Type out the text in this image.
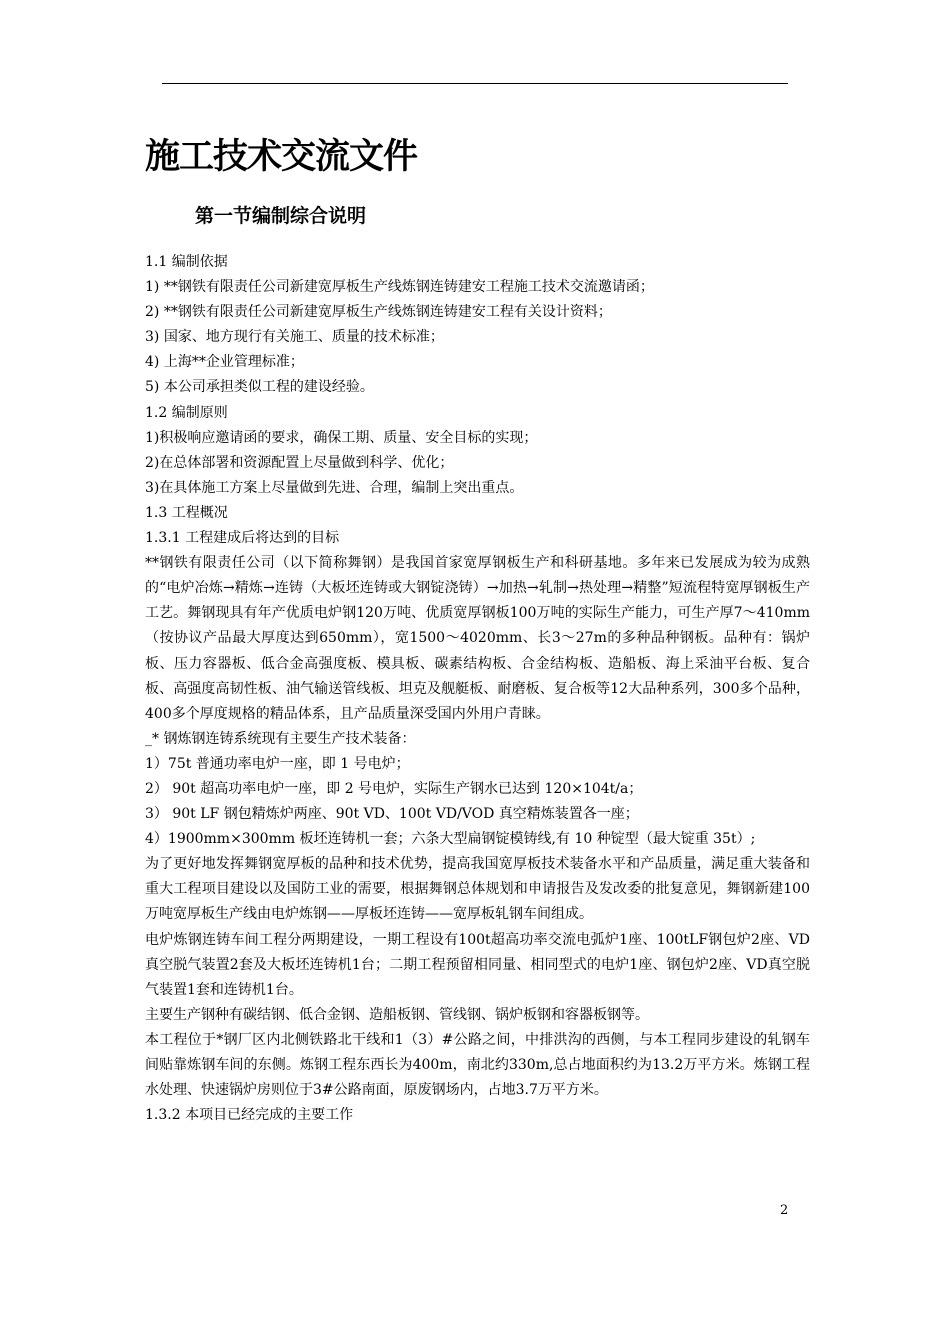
施工技术交流文件
第一节编制综合说明

1.1 编制依据

1) **钢铁有限责任公司新建宽厚板生产线炼钢连铸建安工程施工技术交流邀请函；

2) **钢铁有限责任公司新建宽厚板生产线炼钢连铸建安工程有关设计资料；

3) 国家、地方现行有关施工、质量的技术标准；

4) 上海**企业管理标准；

5) 本公司承担类似工程的建设经验。

1.2 编制原则

1)积极响应邀请函的要求，确保工期、质量、安全目标的实现；

2)在总体部署和资源配置上尽量做到科学、优化；

3)在具体施工方案上尽量做到先进、合理，编制上突出重点。

1.3 工程概况

1.3.1 工程建成后将达到的目标

**钢铁有限责任公司（以下简称舞钢）是我国首家宽厚钢板生产和科研基地。多年来已发展成为较为成熟的“电炉冶炼→精炼→连铸（大板坯连铸或大钢锭浇铸）→加热→轧制→热处理→精整”短流程特宽厚钢板生产工艺。舞钢现具有年产优质电炉钢120万吨、优质宽厚钢板100万吨的实际生产能力，可生产厚7～410mm（按协议产品最大厚度达到650mm），宽1500～4020mm、长3～27m的多种品种钢板。品种有：锅炉板、压力容器板、低合金高强度板、模具板、碳素结构板、合金结构板、造船板、海上采油平台板、复合板、高强度高韧性板、油气输送管线板、坦克及舰艇板、耐磨板、复合板等12大品种系列，300多个品种，400多个厚度规格的精品体系，且产品质量深受国内外用户青睐。

_* 钢炼钢连铸系统现有主要生产技术装备：

1）75t 普通功率电炉一座，即 1 号电炉；

2） 90t 超高功率电炉一座，即 2 号电炉，实际生产钢水已达到 120×104t/a；

3） 90t LF 钢包精炼炉两座、90t VD、100t VD/VOD 真空精炼装置各一座；

4）1900mm×300mm 板坯连铸机一套；六条大型扁钢锭模铸线,有 10 种锭型（最大锭重 35t）;

为了更好地发挥舞钢宽厚板的品种和技术优势，提高我国宽厚板技术装备水平和产品质量，满足重大装备和重大工程项目建设以及国防工业的需要，根据舞钢总体规划和申请报告及发改委的批复意见，舞钢新建100万吨宽厚板生产线由电炉炼钢——厚板坯连铸——宽厚板轧钢车间组成。

电炉炼钢连铸车间工程分两期建设，一期工程设有100t超高功率交流电弧炉1座、100tLF钢包炉2座、VD真空脱气装置2套及大板坯连铸机1台；二期工程预留相同量、相同型式的电炉1座、钢包炉2座、VD真空脱气装置1套和连铸机1台。

主要生产钢种有碳结钢、低合金钢、造船板钢、管线钢、锅炉板钢和容器板钢等。

本工程位于*钢厂区内北侧铁路北干线和1（3）#公路之间，中排洪沟的西侧，与本工程同步建设的轧钢车间贴靠炼钢车间的东侧。炼钢工程东西长为400m，南北约330m,总占地面积约为13.2万平方米。炼钢工程水处理、快速锅炉房则位于3#公路南面，原废钢场内，占地3.7万平方米。

1.3.2 本项目已经完成的主要工作

2
